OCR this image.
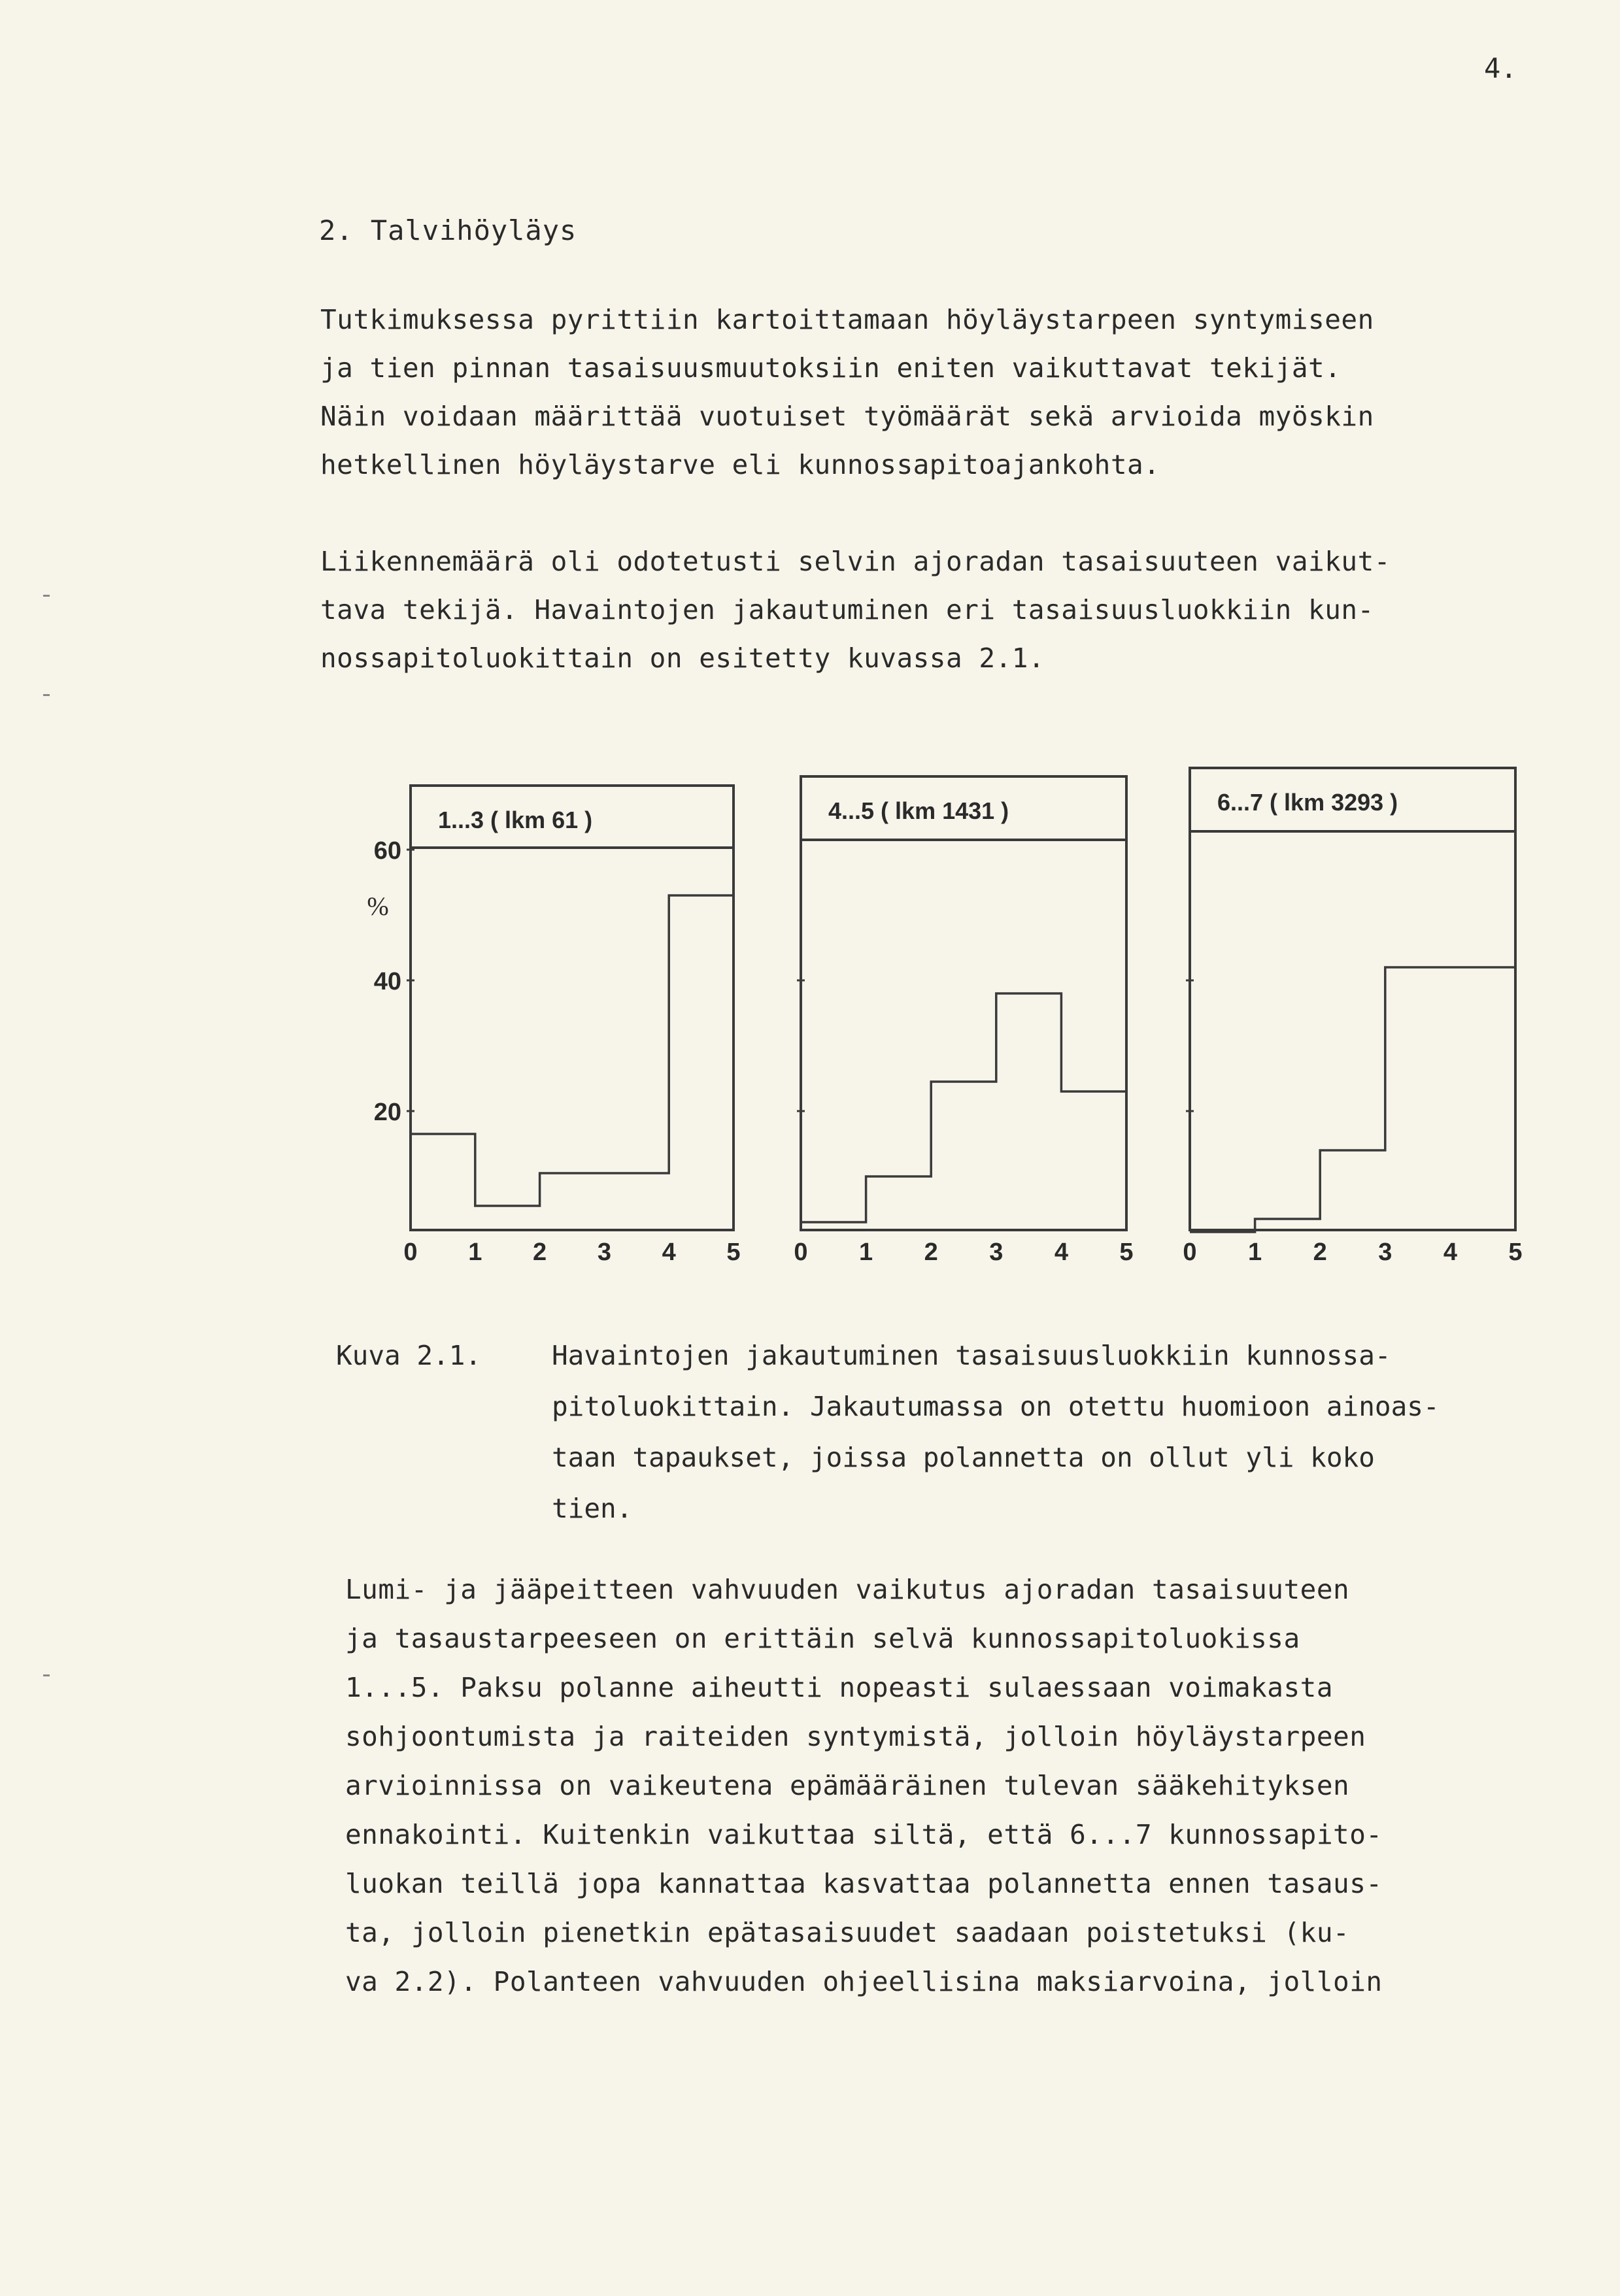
4.
2. Talvihöyläys

Tutkimuksessa pyrittiin kartoittamaan höyläystarpeen syntymiseen
ja tien pinnan tasaisuusmuutoksiin eniten vaikuttavat tekijät.
Näin voidaan määrittää vuotuiset työmäärät sekä arvioida myöskin
hetkellinen höyläystarve eli kunnossapitoajankohta.

Liikennemäärä oli odotetusti selvin ajoradan tasaisuuteen vaikut-
tava tekijä. Havaintojen jakautuminen eri tasaisuusluokkiin kun-
nossapitoluokittain on esitetty kuvassa 2.1.

1...3 ( lkm 61 )
0 1 2 3 4 5
20
40
60
%
4...5 ( lkm 1431 )
0 1 2 3 4 5
6...7 ( lkm 3293 )
0 1 2 3 4 5
Kuva 2.1.	Havaintojen jakautuminen tasaisuusluokkiin kunnossa-
pitoluokittain. Jakautumassa on otettu huomioon ainoas-
taan tapaukset, joissa polannetta on ollut yli koko
tien.

Lumi- ja jääpeitteen vahvuuden vaikutus ajoradan tasaisuuteen
ja tasaustarpeeseen on erittäin selvä kunnossapitoluokissa
1...5. Paksu polanne aiheutti nopeasti sulaessaan voimakasta
sohjoontumista ja raiteiden syntymistä, jolloin höyläystarpeen
arvioinnissa on vaikeutena epämääräinen tulevan sääkehityksen
ennakointi. Kuitenkin vaikuttaa siltä, että 6...7 kunnossapito-
luokan teillä jopa kannattaa kasvattaa polannetta ennen tasaus-
ta, jolloin pienetkin epätasaisuudet saadaan poistetuksi (ku-
va 2.2). Polanteen vahvuuden ohjeellisina maksiarvoina, jolloin
